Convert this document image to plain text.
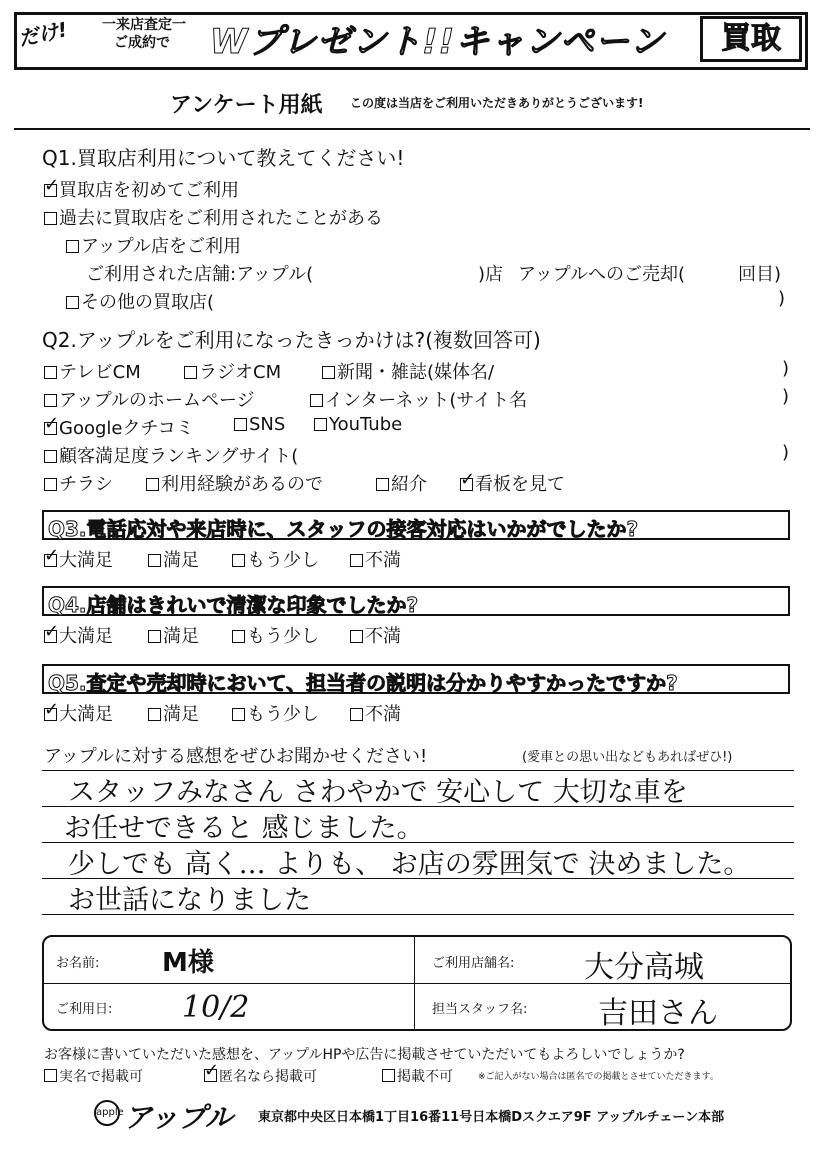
だけ! 一来店査定一
ご成約で Wプレゼント!!キャンペーン	買取
アンケート用紙 この度は当店をご利用いただきありがとうございます!
Q1.買取店利用について教えてください!
✓ 買取店を初めてご利用
過去に買取店をご利用されたことがある
アップル店をご利用
ご利用された店舗:アップル(	)店 アップルへのご売却(	回目)
その他の買取店(	)
Q2.アップルをご利用になったきっかけは?(複数回答可)
テレビCM	ラジオCM	新聞・雑誌(媒体名/	)
アップルのホームページ	インターネット(サイト名	)
✓ Googleクチコミ	SNS	YouTube
顧客満足度ランキングサイト(	)
チラシ	利用経験があるので	紹介 ✓ 看板を見て
Q3.電話応対や来店時に、スタッフの接客対応はいかがでしたか?
✓ 大満足	満足	もう少し	不満
Q4.店舗はきれいで清潔な印象でしたか?
✓ 大満足	満足	もう少し	不満
Q5.査定や売却時において、担当者の説明は分かりやすかったですか?
✓ 大満足	満足	もう少し	不満
アップルに対する感想をぜひお聞かせください!	(愛車との思い出などもあればぜひ!)
スタッフみなさん さわやかで 安心して 大切な車を
お任せできると 感じました。
少しでも 高く… よりも、 お店の雰囲気で 決めました。
お世話になりました
お名前: M様	ご利用店舗名: 大分高城
ご利用日: 10/2	担当スタッフ名: 吉田さん
お客様に書いていただいた感想を、アップルHPや広告に掲載させていただいてもよろしいでしょうか?
実名で掲載可	✓ 匿名なら掲載可	掲載不可	※ご記入がない場合は匿名での掲載とさせていただきます。
apple アップル 東京都中央区日本橋1丁目16番11号日本橋Dスクエア9F アップルチェーン本部
